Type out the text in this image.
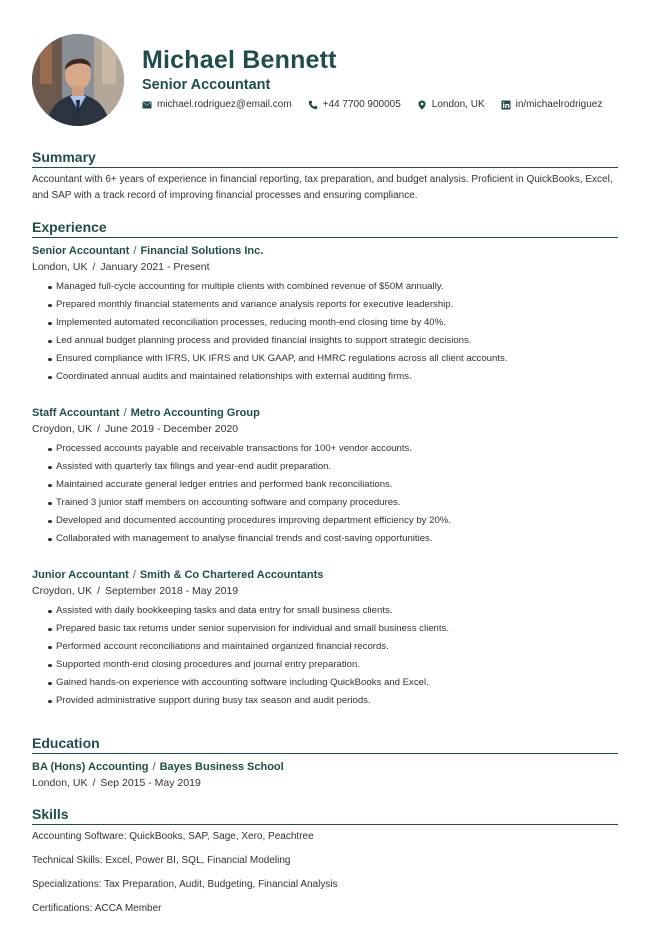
Michael Bennett
Senior Accountant
michael.rodriguez@email.com	+44 7700 900005	London, UK	in/michaelrodriguez
Summary

Accountant with 6+ years of experience in financial reporting, tax preparation, and budget analysis. Proficient in QuickBooks, Excel, and SAP with a track record of improving financial processes and ensuring compliance.

Experience
Senior Accountant / Financial Solutions Inc.
London, UK / January 2021 - Present
Managed full-cycle accounting for multiple clients with combined revenue of $50M annually.
Prepared monthly financial statements and variance analysis reports for executive leadership.
Implemented automated reconciliation processes, reducing month-end closing time by 40%.
Led annual budget planning process and provided financial insights to support strategic decisions.
Ensured compliance with IFRS, UK IFRS and UK GAAP, and HMRC regulations across all client accounts.
Coordinated annual audits and maintained relationships with external auditing firms.
Staff Accountant / Metro Accounting Group
Croydon, UK / June 2019 - December 2020
Processed accounts payable and receivable transactions for 100+ vendor accounts.
Assisted with quarterly tax filings and year-end audit preparation.
Maintained accurate general ledger entries and performed bank reconciliations.
Trained 3 junior staff members on accounting software and company procedures.
Developed and documented accounting procedures improving department efficiency by 20%.
Collaborated with management to analyse financial trends and cost-saving opportunities.
Junior Accountant / Smith & Co Chartered Accountants
Croydon, UK / September 2018 - May 2019
Assisted with daily bookkeeping tasks and data entry for small business clients.
Prepared basic tax returns under senior supervision for individual and small business clients.
Performed account reconciliations and maintained organized financial records.
Supported month-end closing procedures and journal entry preparation.
Gained hands-on experience with accounting software including QuickBooks and Excel.
Provided administrative support during busy tax season and audit periods.
Education
BA (Hons) Accounting / Bayes Business School
London, UK / Sep 2015 - May 2019
Skills
Accounting Software: QuickBooks, SAP, Sage, Xero, Peachtree
Technical Skills: Excel, Power BI, SQL, Financial Modeling
Specializations: Tax Preparation, Audit, Budgeting, Financial Analysis
Certifications: ACCA Member
